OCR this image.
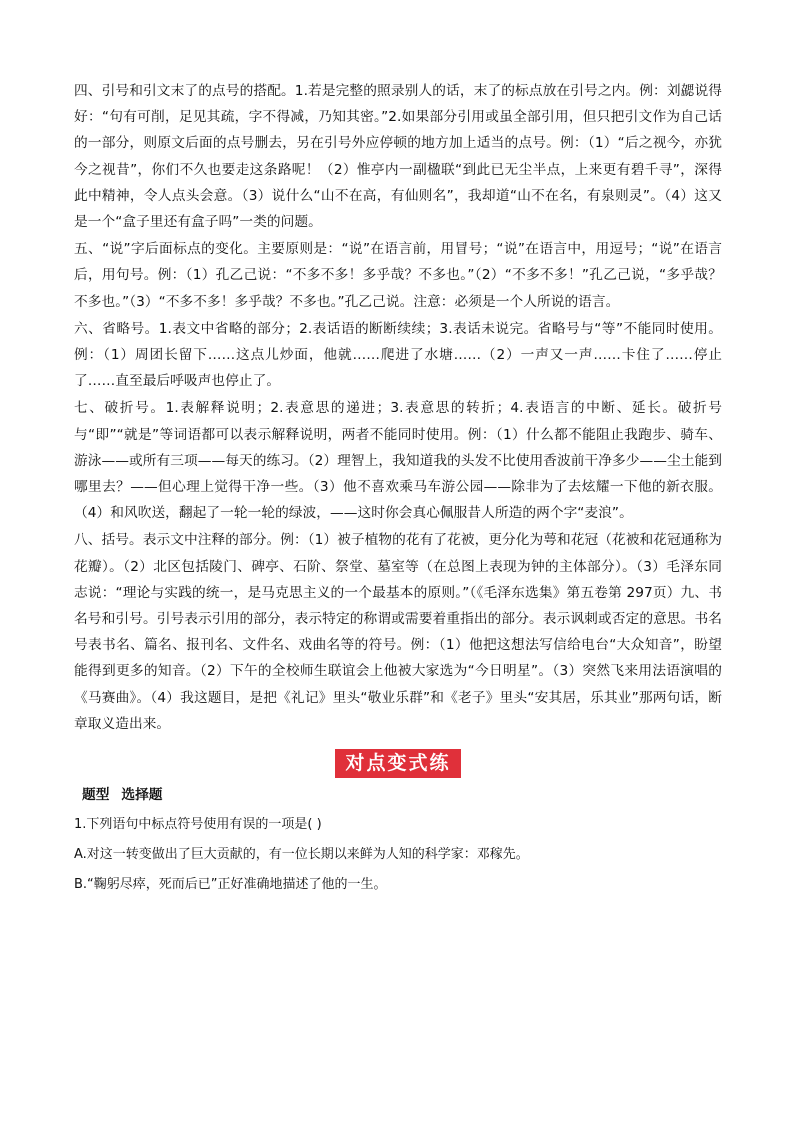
四、引号和引文末了的点号的搭配。1.若是完整的照录别人的话，末了的标点放在引号之内。例：刘勰说得好：“句有可削，足见其疏，字不得减，乃知其密。”2.如果部分引用或虽全部引用，但只把引文作为自己话的一部分，则原文后面的点号删去，另在引号外应停顿的地方加上适当的点号。例：（1）“后之视今，亦犹今之视昔”，你们不久也要走这条路呢！（2）惟亭内一副楹联“到此已无尘半点，上来更有碧千寻”，深得此中精神，令人点头会意。（3）说什么“山不在高，有仙则名”，我却道“山不在名，有泉则灵”。（4）这又是一个“盒子里还有盒子吗”一类的问题。

五、“说”字后面标点的变化。主要原则是：“说”在语言前，用冒号；“说”在语言中，用逗号；“说”在语言后，用句号。例：（1）孔乙己说：“不多不多！多乎哉？不多也。”（2）“不多不多！”孔乙己说，“多乎哉？不多也。”（3）“不多不多！多乎哉？不多也。”孔乙己说。注意：必须是一个人所说的语言。

六、省略号。1.表文中省略的部分；2.表话语的断断续续；3.表话未说完。省略号与“等”不能同时使用。例：（1）周团长留下……这点儿炒面，他就……爬进了水塘……（2）一声又一声……卡住了……停止了……直至最后呼吸声也停止了。

七、破折号。1.表解释说明；2.表意思的递进；3.表意思的转折；4.表语言的中断、延长。破折号与“即”“就是”等词语都可以表示解释说明，两者不能同时使用。例：（1）什么都不能阻止我跑步、骑车、游泳——或所有三项——每天的练习。（2）理智上，我知道我的头发不比使用香波前干净多少——尘土能到哪里去？——但心理上觉得干净一些。（3）他不喜欢乘马车游公园——除非为了去炫耀一下他的新衣服。（4）和风吹送，翻起了一轮一轮的绿波，——这时你会真心佩服昔人所造的两个字“麦浪”。

八、括号。表示文中注释的部分。例：（1）被子植物的花有了花被，更分化为萼和花冠（花被和花冠通称为花瓣）。（2）北区包括陵门、碑亭、石阶、祭堂、墓室等（在总图上表现为钟的主体部分）。（3）毛泽东同志说：“理论与实践的统一，是马克思主义的一个最基本的原则。”（《毛泽东选集》第五卷第 297页）九、书名号和引号。引号表示引用的部分，表示特定的称谓或需要着重指出的部分。表示讽刺或否定的意思。书名号表书名、篇名、报刊名、文件名、戏曲名等的符号。例：（1）他把这想法写信给电台“大众知音”，盼望能得到更多的知音。（2）下午的全校师生联谊会上他被大家选为“今日明星”。（3）突然飞来用法语演唱的《马赛曲》。（4）我这题目，是把《礼记》里头“敬业乐群”和《老子》里头“安其居，乐其业”那两句话，断章取义造出来。

对点变式练
题型 选择题

1.下列语句中标点符号使用有误的一项是( )

A.对这一转变做出了巨大贡献的，有一位长期以来鲜为人知的科学家：邓稼先。

B.“鞠躬尽瘁，死而后已”正好准确地描述了他的一生。
